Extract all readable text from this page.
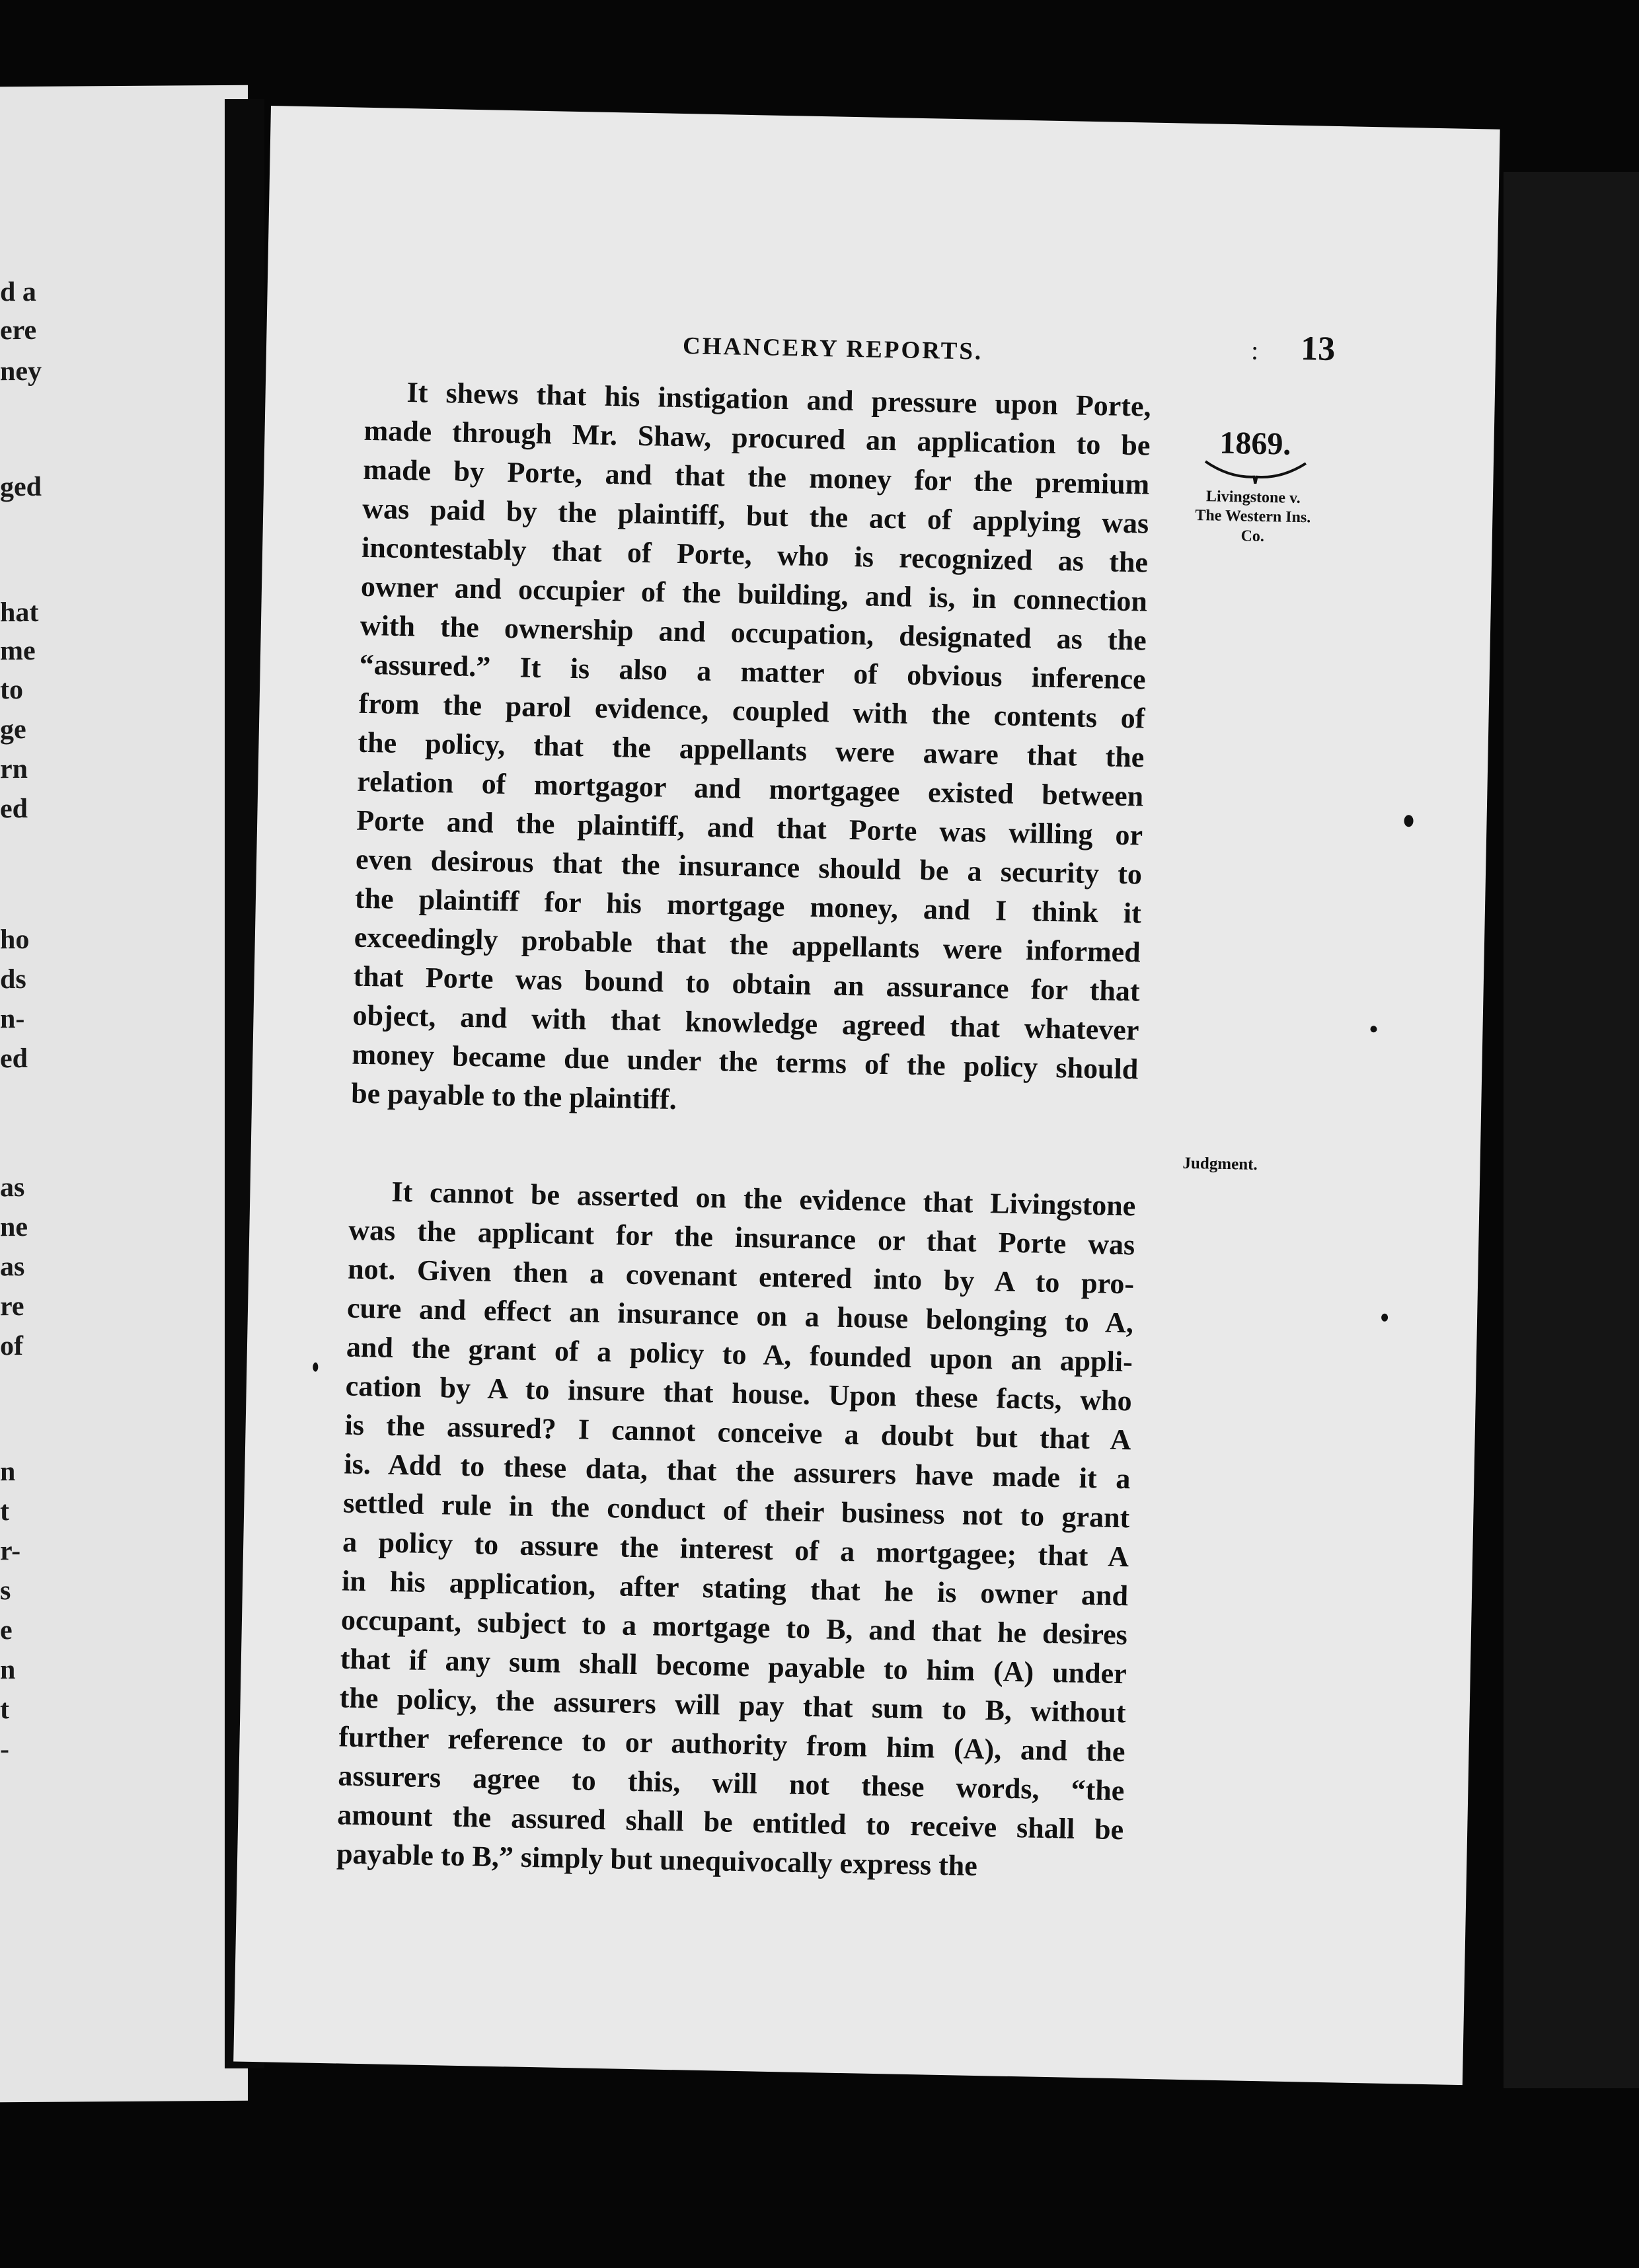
d a
ere
ney
ged
hat
me
to
ge
rn
ed
ho
ds
n-
ed
as
ne
as
re
of
n
t
r-
s
e
n
t
-
CHANCERY REPORTS.	: 13
1869.
Livingstone v. The Western Ins. Co.
Judgment.
It shews that his instigation and pressure upon Porte,
made through Mr. Shaw, procured an application to be
made by Porte, and that the money for the premium
was paid by the plaintiff, but the act of applying was
incontestably that of Porte, who is recognized as the
owner and occupier of the building, and is, in connection
with the ownership and occupation, designated as the
“assured.” It is also a matter of obvious inference
from the parol evidence, coupled with the contents of
the policy, that the appellants were aware that the
relation of mortgagor and mortgagee existed between
Porte and the plaintiff, and that Porte was willing or
even desirous that the insurance should be a security to
the plaintiff for his mortgage money, and I think it
exceedingly probable that the appellants were informed
that Porte was bound to obtain an assurance for that
object, and with that knowledge agreed that whatever
money became due under the terms of the policy should
be payable to the plaintiff.
It cannot be asserted on the evidence that Livingstone
was the applicant for the insurance or that Porte was
not. Given then a covenant entered into by A to pro-
cure and effect an insurance on a house belonging to A,
and the grant of a policy to A, founded upon an appli-
cation by A to insure that house. Upon these facts, who
is the assured? I cannot conceive a doubt but that A
is. Add to these data, that the assurers have made it a
settled rule in the conduct of their business not to grant
a policy to assure the interest of a mortgagee; that A
in his application, after stating that he is owner and
occupant, subject to a mortgage to B, and that he desires
that if any sum shall become payable to him (A) under
the policy, the assurers will pay that sum to B, without
further reference to or authority from him (A), and the
assurers agree to this, will not these words, “the
amount the assured shall be entitled to receive shall be
payable to B,” simply but unequivocally express the
